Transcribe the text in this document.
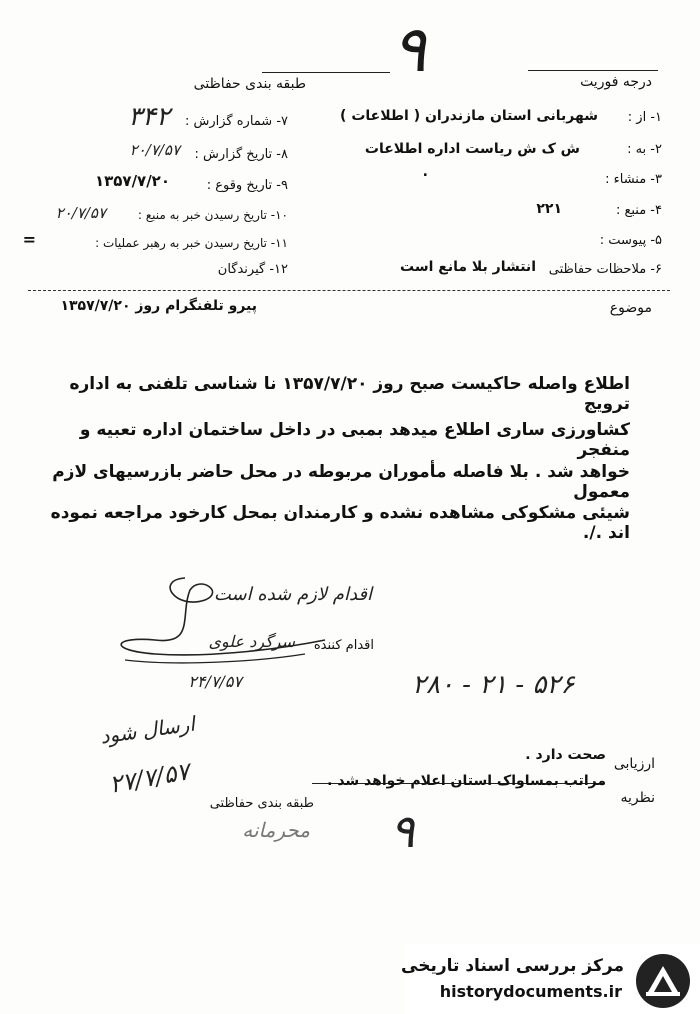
۹	درجه فوریت
طبقه بندی حفاظتی
۱- از :
شهربانی استان مازندران ( اطلاعات )
۲- به :
ش ک ش ریاست اداره اطلاعات
۳- منشاء :
.
۴- منبع :
۲۲۱
۵- پیوست :
۶- ملاحظات حفاظتی
انتشار بلا مانع است
۷- شماره گزارش :
۳۴۲
۸- تاریخ گزارش :
۲۰/۷/۵۷
۹- تاریخ وقوع :
۱۳۵۷/۷/۲۰
۱۰- تاریخ رسیدن خبر به منبع :
۲۰/۷/۵۷
۱۱- تاریخ رسیدن خبر به رهبر عملیات :
=
۱۲- گیرندگان
موضوع
پیرو تلفنگرام روز ۱۳۵۷/۷/۲۰
اطلاع واصله حاکیست صبح روز ۱۳۵۷/۷/۲۰ نا شناسی تلفنی به اداره ترویج
کشاورزی ساری اطلاع میدهد بمبی در داخل ساختمان اداره تعبیه و منفجر
خواهد شد . بلا فاصله مأموران مربوطه در محل حاضر بازرسیهای لازم معمول
شیئی مشکوکی مشاهده نشده و کارمندان بمحل کارخود مراجعه نموده اند ./.
اقدام لازم شده است
اقدام کننده
سرگرد علوی
۲۴/۷/۵۷	۲۸۰ - ۲۱ - ۵۲۶
ارسال شود
۲۷/۷/۵۷	ارزیابی
صحت دارد .
نظریه
مراتب بمساواک استان اعلام خواهد شد .
طبقه بندی حفاظتی
محرمانه ۹
مرکز بررسی اسناد تاریخی
historydocuments.ir
